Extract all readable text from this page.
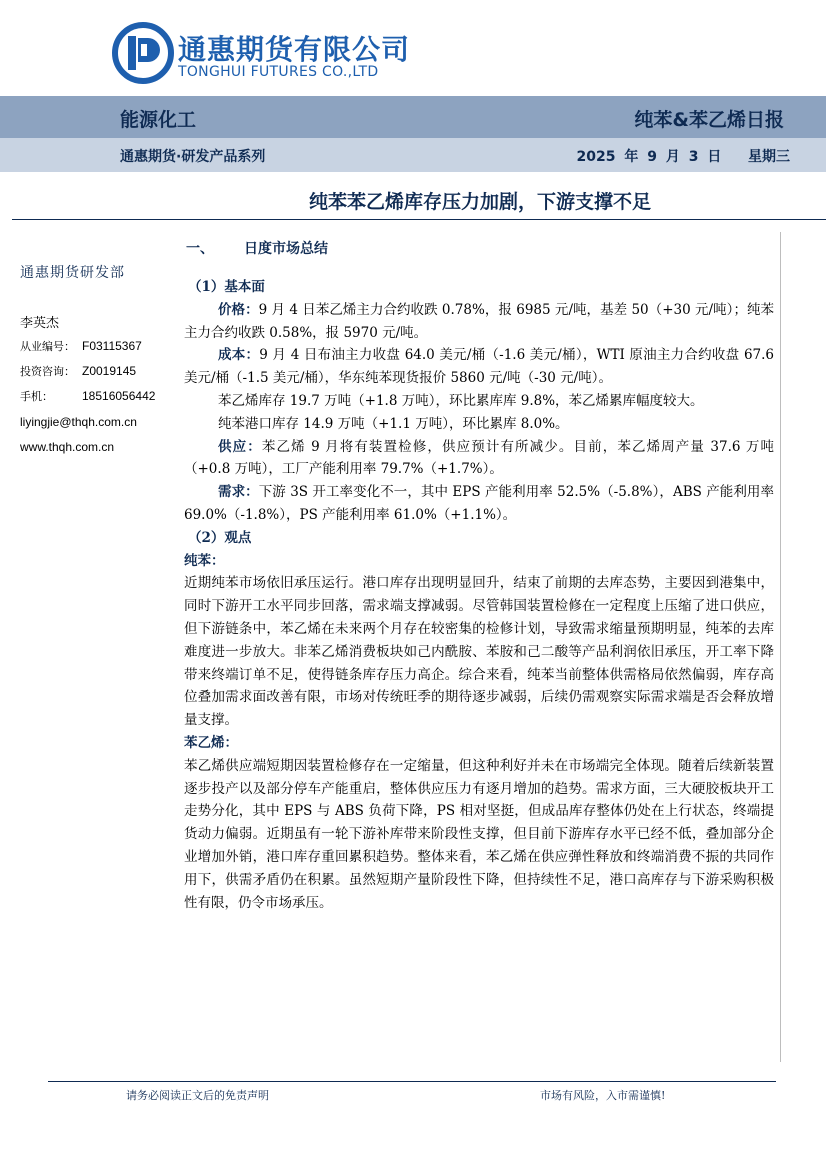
通惠期货有限公司
TONGHUI FUTURES CO.,LTD
能源化工	纯苯&苯乙烯日报
通惠期货·研发产品系列	2025 年 9 月 3 日 星期三
纯苯苯乙烯库存压力加剧，下游支撑不足
通惠期货研发部
李英杰
从业编号： F03115367
投资咨询： Z0019145
手机： 18516056442
liyingjie@thqh.com.cn
www.thqh.com.cn
一、 日度市场总结

（1）基本面

价格：9 月 4 日苯乙烯主力合约收跌 0.78%，报 6985 元/吨，基差 50（+30 元/吨）；纯苯主力合约收跌 0.58%，报 5970 元/吨。

成本：9 月 4 日布油主力收盘 64.0 美元/桶（-1.6 美元/桶），WTI 原油主力合约收盘 67.6 美元/桶（-1.5 美元/桶），华东纯苯现货报价 5860 元/吨（-30 元/吨）。

苯乙烯库存 19.7 万吨（+1.8 万吨），环比累库库 9.8%，苯乙烯累库幅度较大。

纯苯港口库存 14.9 万吨（+1.1 万吨），环比累库 8.0%。

供应：苯乙烯 9 月将有装置检修，供应预计有所减少。目前，苯乙烯周产量 37.6 万吨（+0.8 万吨），工厂产能利用率 79.7%（+1.7%）。

需求：下游 3S 开工率变化不一，其中 EPS 产能利用率 52.5%（-5.8%），ABS 产能利用率 69.0%（-1.8%），PS 产能利用率 61.0%（+1.1%）。

（2）观点

纯苯：

近期纯苯市场依旧承压运行。港口库存出现明显回升，结束了前期的去库态势，主要因到港集中，同时下游开工水平同步回落，需求端支撑减弱。尽管韩国装置检修在一定程度上压缩了进口供应，但下游链条中，苯乙烯在未来两个月存在较密集的检修计划，导致需求缩量预期明显，纯苯的去库难度进一步放大。非苯乙烯消费板块如己内酰胺、苯胺和己二酸等产品利润依旧承压，开工率下降带来终端订单不足，使得链条库存压力高企。综合来看，纯苯当前整体供需格局依然偏弱，库存高位叠加需求面改善有限，市场对传统旺季的期待逐步减弱，后续仍需观察实际需求端是否会释放增量支撑。

苯乙烯：

苯乙烯供应端短期因装置检修存在一定缩量，但这种利好并未在市场端完全体现。随着后续新装置逐步投产以及部分停车产能重启，整体供应压力有逐月增加的趋势。需求方面，三大硬胶板块开工走势分化，其中 EPS 与 ABS 负荷下降，PS 相对坚挺，但成品库存整体仍处在上行状态，终端提货动力偏弱。近期虽有一轮下游补库带来阶段性支撑，但目前下游库存水平已经不低，叠加部分企业增加外销，港口库存重回累积趋势。整体来看，苯乙烯在供应弹性释放和终端消费不振的共同作用下，供需矛盾仍在积累。虽然短期产量阶段性下降，但持续性不足，港口高库存与下游采购积极性有限，仍令市场承压。

请务必阅读正文后的免责声明	市场有风险，入市需谨慎!
